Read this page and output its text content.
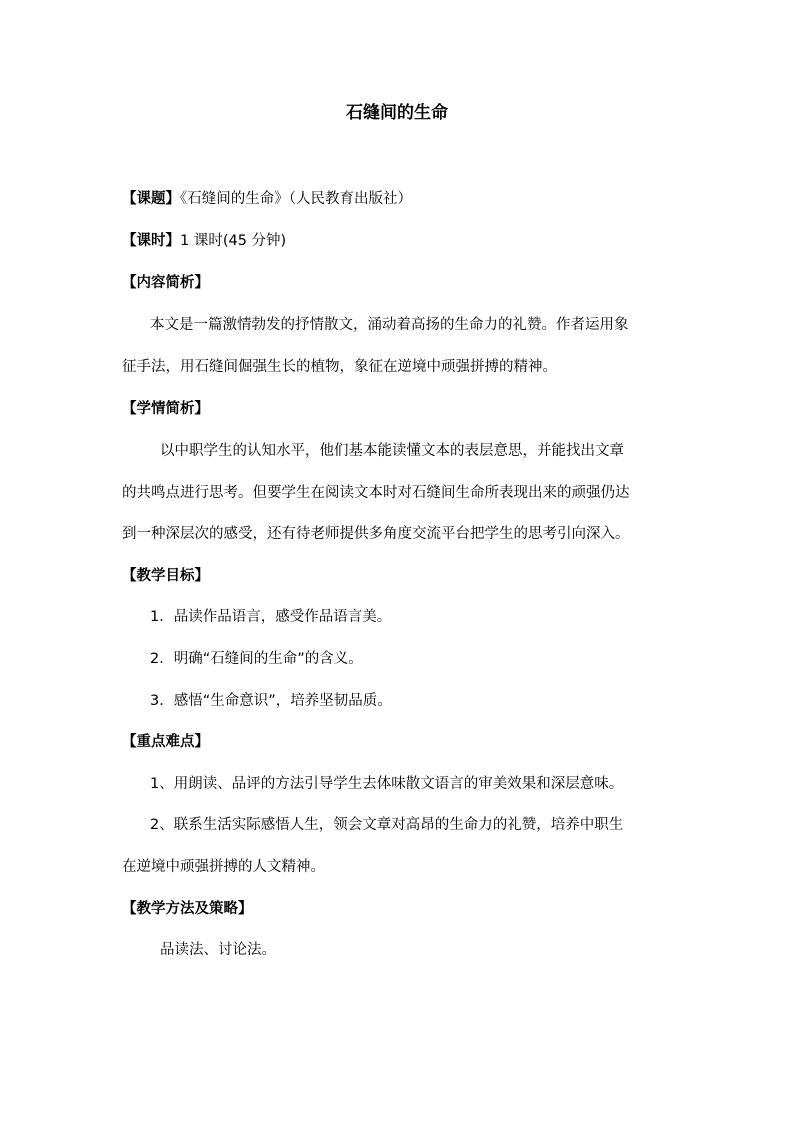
石缝间的生命
【课题】《石缝间的生命》（人民教育出版社）
【课时】1 课时(45 分钟)
【内容简析】
本文是一篇激情勃发的抒情散文，涌动着高扬的生命力的礼赞。作者运用象
征手法，用石缝间倔强生长的植物，象征在逆境中顽强拼搏的精神。
【学情简析】
以中职学生的认知水平，他们基本能读懂文本的表层意思，并能找出文章
的共鸣点进行思考。但要学生在阅读文本时对石缝间生命所表现出来的顽强仍达
到一种深层次的感受，还有待老师提供多角度交流平台把学生的思考引向深入。
【教学目标】
1．品读作品语言，感受作品语言美。
2．明确“石缝间的生命”的含义。
3．感悟“生命意识”，培养坚韧品质。
【重点难点】
1、用朗读、品评的方法引导学生去体味散文语言的审美效果和深层意味。
2、联系生活实际感悟人生，领会文章对高昂的生命力的礼赞，培养中职生
在逆境中顽强拼搏的人文精神。
【教学方法及策略】
品读法、讨论法。
